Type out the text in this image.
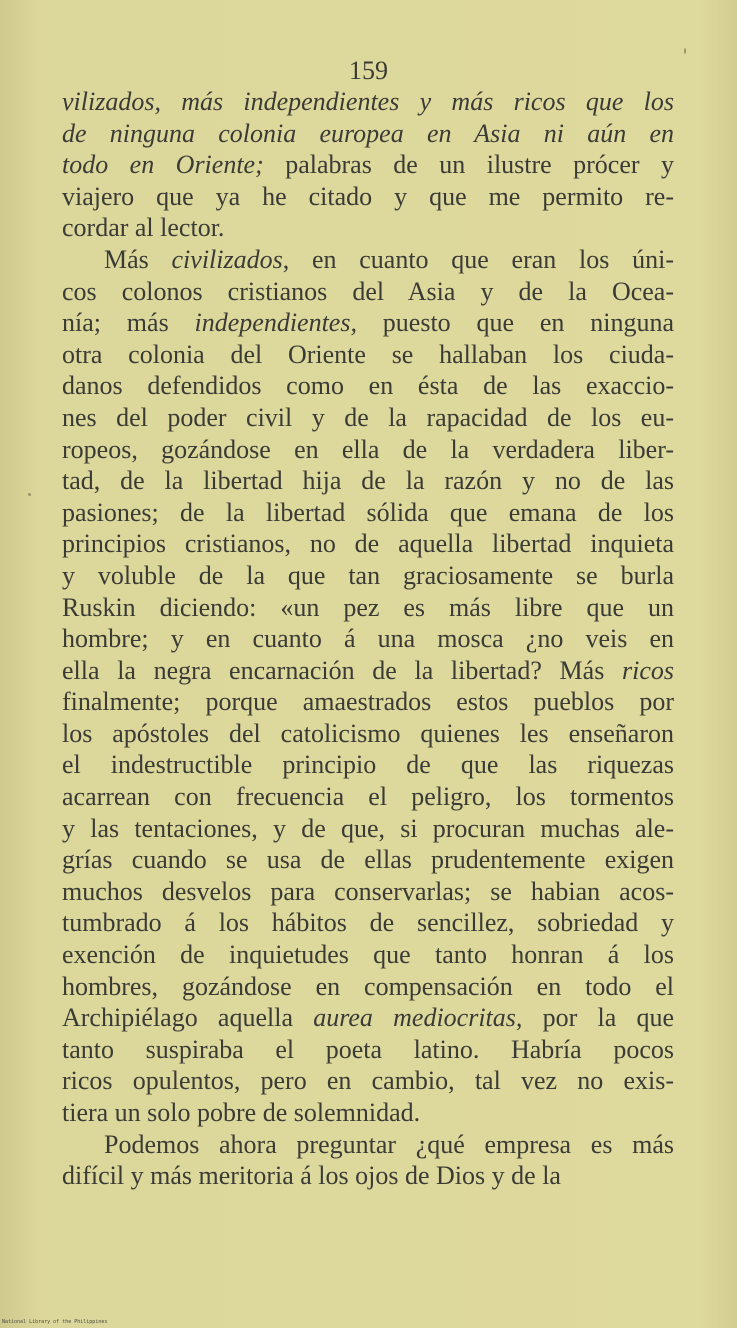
159
vilizados, más independientes y más ricos que los
de ninguna colonia europea en Asia ni aún en
todo en Oriente; palabras de un ilustre prócer y
viajero que ya he citado y que me permito re-
cordar al lector.
Más civilizados, en cuanto que eran los úni-
cos colonos cristianos del Asia y de la Ocea-
nía; más independientes, puesto que en ninguna
otra colonia del Oriente se hallaban los ciuda-
danos defendidos como en ésta de las exaccio-
nes del poder civil y de la rapacidad de los eu-
ropeos, gozándose en ella de la verdadera liber-
tad, de la libertad hija de la razón y no de las
pasiones; de la libertad sólida que emana de los
principios cristianos, no de aquella libertad inquieta
y voluble de la que tan graciosamente se burla
Ruskin diciendo: «un pez es más libre que un
hombre; y en cuanto á una mosca ¿no veis en
ella la negra encarnación de la libertad? Más ricos
finalmente; porque amaestrados estos pueblos por
los apóstoles del catolicismo quienes les enseñaron
el indestructible principio de que las riquezas
acarrean con frecuencia el peligro, los tormentos
y las tentaciones, y de que, si procuran muchas ale-
grías cuando se usa de ellas prudentemente exigen
muchos desvelos para conservarlas; se habian acos-
tumbrado á los hábitos de sencillez, sobriedad y
exención de inquietudes que tanto honran á los
hombres, gozándose en compensación en todo el
Archipiélago aquella aurea mediocritas, por la que
tanto suspiraba el poeta latino. Habría pocos
ricos opulentos, pero en cambio, tal vez no exis-
tiera un solo pobre de solemnidad.
Podemos ahora preguntar ¿qué empresa es más
difícil y más meritoria á los ojos de Dios y de la
National Library of the Philippines
